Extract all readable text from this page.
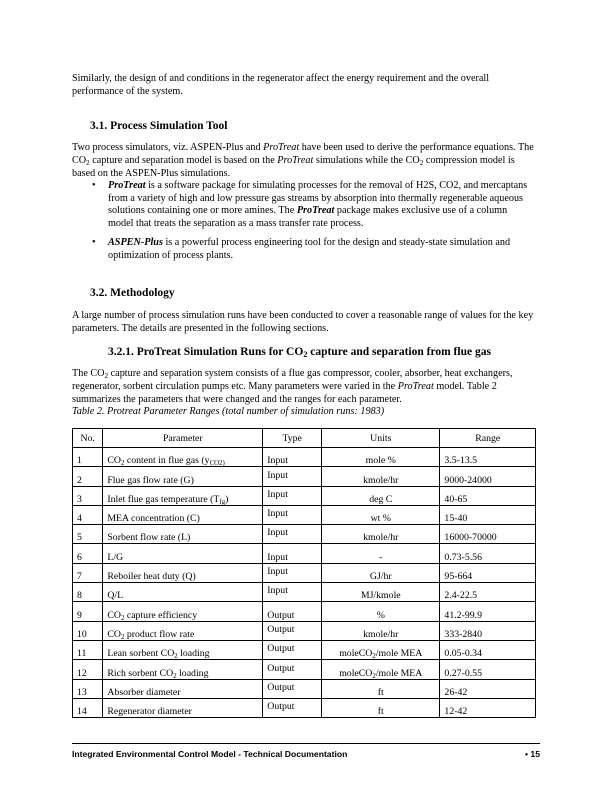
Similarly, the design of and conditions in the regenerator affect the energy requirement and the overall performance of the system.
3.1. Process Simulation Tool
Two process simulators, viz. ASPEN-Plus and ProTreat have been used to derive the performance equations. The $CO_2$ capture and separation model is based on the ProTreat simulations while the $CO_2$ compression model is based on the ASPEN-Plus simulations.
• ProTreat is a software package for simulating processes for the removal of H2S, CO2, and mercaptans from a variety of high and low pressure gas streams by absorption into thermally regenerable aqueous solutions containing one or more amines. The ProTreat package makes exclusive use of a column model that treats the separation as a mass transfer rate process.
• ASPEN-Plus is a powerful process engineering tool for the design and steady-state simulation and optimization of process plants.
3.2. Methodology
A large number of process simulation runs have been conducted to cover a reasonable range of values for the key parameters. The details are presented in the following sections.
3.2.1. ProTreat Simulation Runs for $CO_2$ capture and separation from flue gas
The $CO_2$ capture and separation system consists of a flue gas compressor, cooler, absorber, heat exchangers, regenerator, sorbent circulation pumps etc. Many parameters were varied in the ProTreat model. Table 2 summarizes the parameters that were changed and the ranges for each parameter.
Table 2. Protreat Parameter Ranges (total number of simulation runs: 1983)
No.	Parameter	Type	Units	Range
1	$CO_2$ content in flue gas ($y_{CO2)}$	Input	mole %	3.5-13.5
2	Flue gas flow rate (G)	Input	kmole/hr	9000-24000
3	Inlet flue gas temperature $(T_{fg})$	Input	deg C	40-65
4	MEA concentration (C)	Input	wt %	15-40
5	Sorbent flow rate (L)	Input	kmole/hr	16000-70000
6	L/G	Input	-	0.73-5.56
7	Reboiler heat duty (Q)	Input	GJ/hr	95-664
8	Q/L	Input	MJ/kmole	2.4-22.5
9	$CO_2$ capture efficiency	Output	%	41.2-99.9
10	$CO_2$ product flow rate	Output	kmole/hr	333-2840
11	Lean sorbent $CO_2$ loading	Output	moleCO$_2$/mole MEA	0.05-0.34
12	Rich sorbent $CO_2$ loading	Output	moleCO$_2$/mole MEA	0.27-0.55
13	Absorber diameter	Output	ft	26-42
14	Regenerator diameter	Output	ft	12-42
Integrated Environmental Control Model - Technical Documentation	• 15
